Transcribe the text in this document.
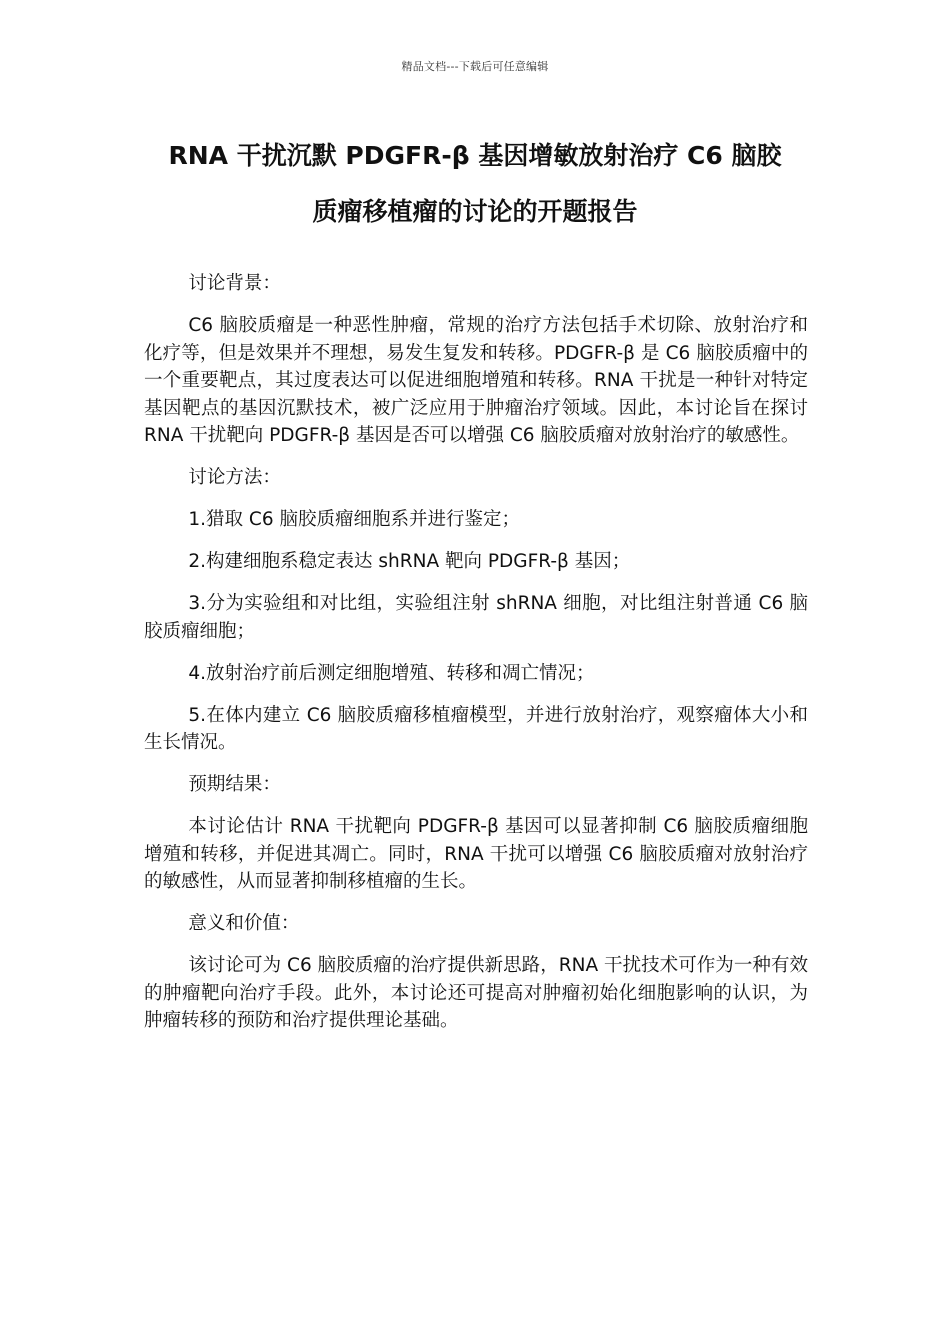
精品文档---下载后可任意编辑
RNA 干扰沉默 PDGFR-β 基因增敏放射治疗 C6 脑胶
质瘤移植瘤的讨论的开题报告

讨论背景：

C6 脑胶质瘤是一种恶性肿瘤，常规的治疗方法包括手术切除、放射治疗和化疗等，但是效果并不理想，易发生复发和转移。PDGFR-β 是 C6 脑胶质瘤中的一个重要靶点，其过度表达可以促进细胞增殖和转移。RNA 干扰是一种针对特定基因靶点的基因沉默技术，被广泛应用于肿瘤治疗领域。因此，本讨论旨在探讨 RNA 干扰靶向 PDGFR-β 基因是否可以增强 C6 脑胶质瘤对放射治疗的敏感性。

讨论方法：

1.猎取 C6 脑胶质瘤细胞系并进行鉴定；

2.构建细胞系稳定表达 shRNA 靶向 PDGFR-β 基因；

3.分为实验组和对比组，实验组注射 shRNA 细胞，对比组注射普通 C6 脑胶质瘤细胞；

4.放射治疗前后测定细胞增殖、转移和凋亡情况；

5.在体内建立 C6 脑胶质瘤移植瘤模型，并进行放射治疗，观察瘤体大小和生长情况。

预期结果：

本讨论估计 RNA 干扰靶向 PDGFR-β 基因可以显著抑制 C6 脑胶质瘤细胞增殖和转移，并促进其凋亡。同时，RNA 干扰可以增强 C6 脑胶质瘤对放射治疗的敏感性，从而显著抑制移植瘤的生长。

意义和价值：

该讨论可为 C6 脑胶质瘤的治疗提供新思路，RNA 干扰技术可作为一种有效的肿瘤靶向治疗手段。此外，本讨论还可提高对肿瘤初始化细胞影响的认识，为肿瘤转移的预防和治疗提供理论基础。
